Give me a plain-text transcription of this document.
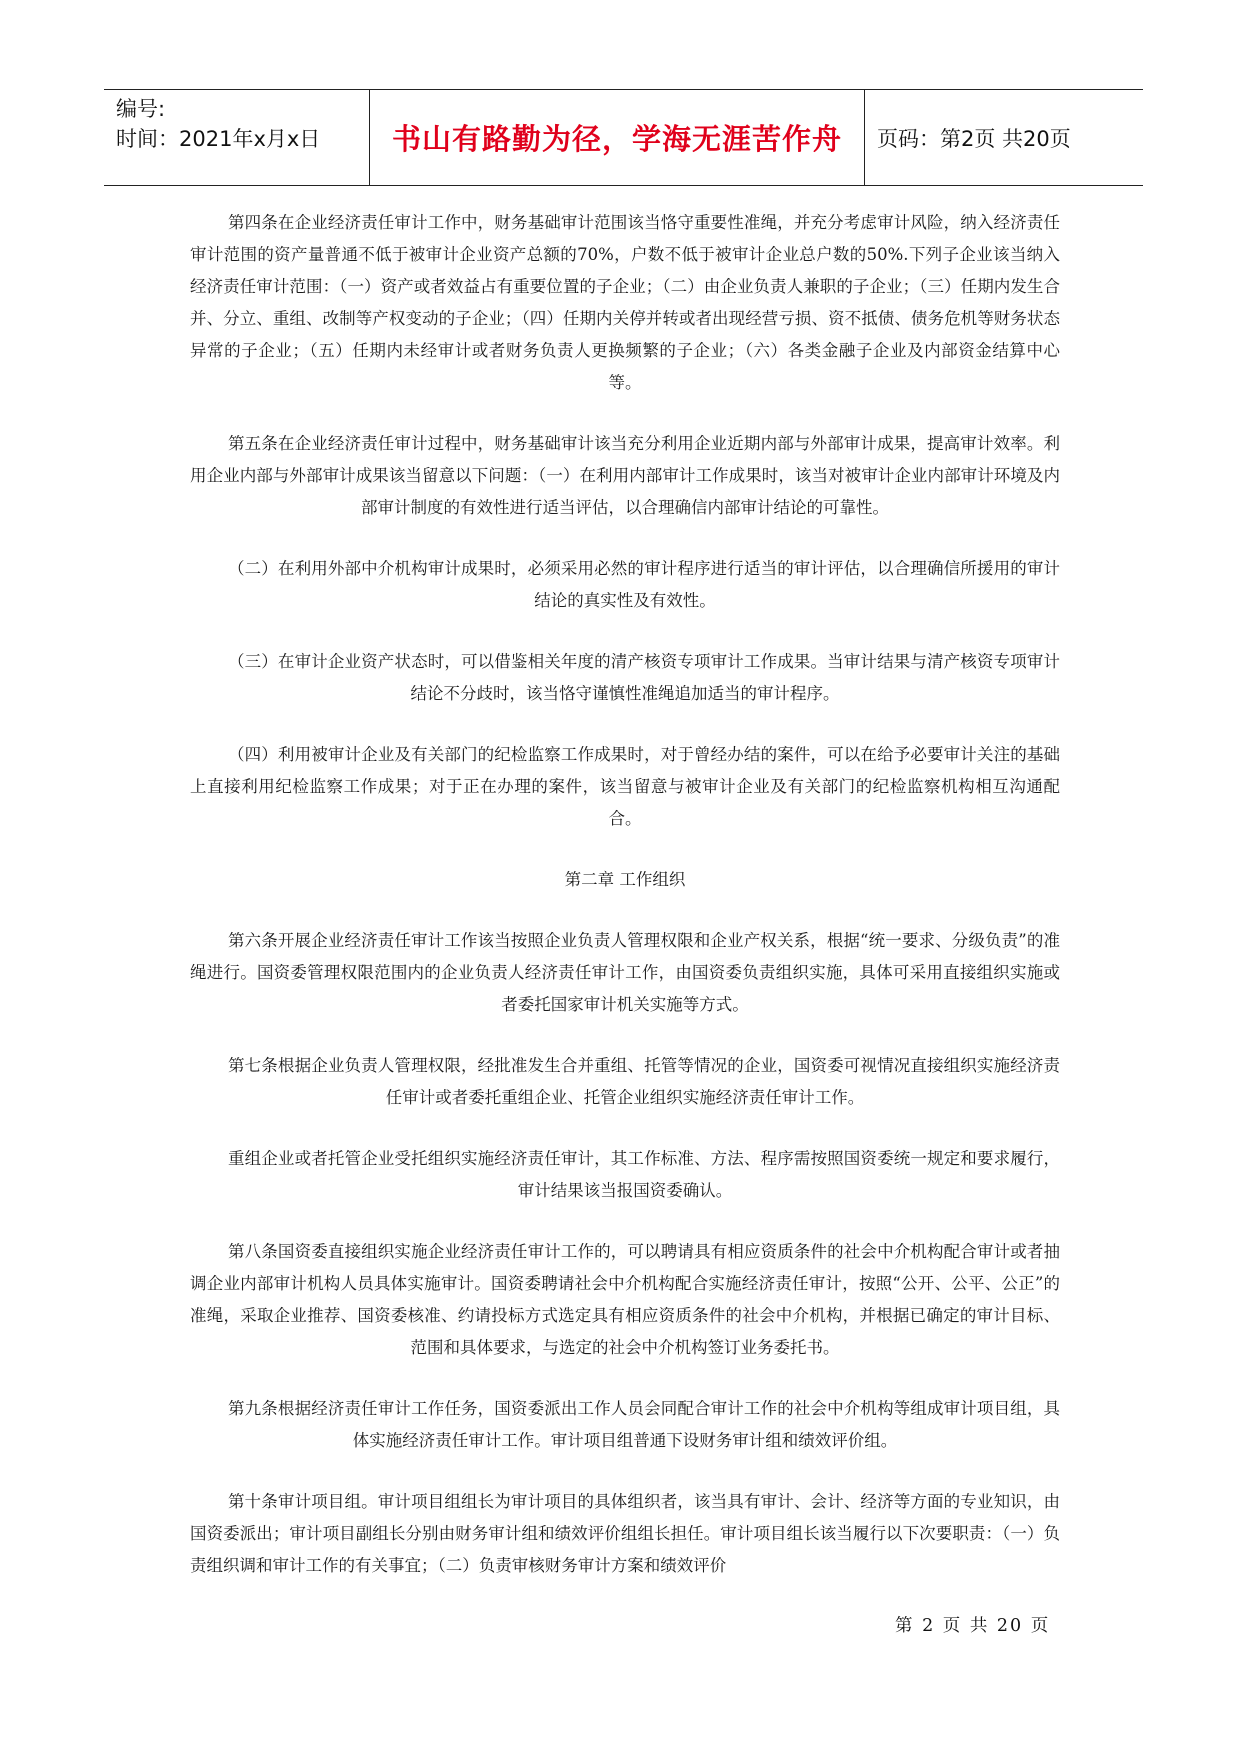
编号:
时间：2021年x月x日	书山有路勤为径，学海无涯苦作舟 页码：第2页 共20页

第四条在企业经济责任审计工作中，财务基础审计范围该当恪守重要性准绳，并充分考虑审计风险，纳入经济责任审计范围的资产量普通不低于被审计企业资产总额的70%，户数不低于被审计企业总户数的50%.下列子企业该当纳入经济责任审计范围：（一）资产或者效益占有重要位置的子企业；（二）由企业负责人兼职的子企业；（三）任期内发生合并、分立、重组、改制等产权变动的子企业；（四）任期内关停并转或者出现经营亏损、资不抵债、债务危机等财务状态异常的子企业；（五）任期内未经审计或者财务负责人更换频繁的子企业；（六）各类金融子企业及内部资金结算中心等。

第五条在企业经济责任审计过程中，财务基础审计该当充分利用企业近期内部与外部审计成果，提高审计效率。利用企业内部与外部审计成果该当留意以下问题：（一）在利用内部审计工作成果时，该当对被审计企业内部审计环境及内部审计制度的有效性进行适当评估，以合理确信内部审计结论的可靠性。

（二）在利用外部中介机构审计成果时，必须采用必然的审计程序进行适当的审计评估，以合理确信所援用的审计结论的真实性及有效性。

（三）在审计企业资产状态时，可以借鉴相关年度的清产核资专项审计工作成果。当审计结果与清产核资专项审计结论不分歧时，该当恪守谨慎性准绳追加适当的审计程序。

（四）利用被审计企业及有关部门的纪检监察工作成果时，对于曾经办结的案件，可以在给予必要审计关注的基础上直接利用纪检监察工作成果；对于正在办理的案件，该当留意与被审计企业及有关部门的纪检监察机构相互沟通配合。

第二章 工作组织

第六条开展企业经济责任审计工作该当按照企业负责人管理权限和企业产权关系，根据“统一要求、分级负责”的准绳进行。国资委管理权限范围内的企业负责人经济责任审计工作，由国资委负责组织实施，具体可采用直接组织实施或者委托国家审计机关实施等方式。

第七条根据企业负责人管理权限，经批准发生合并重组、托管等情况的企业，国资委可视情况直接组织实施经济责任审计或者委托重组企业、托管企业组织实施经济责任审计工作。

重组企业或者托管企业受托组织实施经济责任审计，其工作标准、方法、程序需按照国资委统一规定和要求履行，审计结果该当报国资委确认。

第八条国资委直接组织实施企业经济责任审计工作的，可以聘请具有相应资质条件的社会中介机构配合审计或者抽调企业内部审计机构人员具体实施审计。国资委聘请社会中介机构配合实施经济责任审计，按照“公开、公平、公正”的准绳，采取企业推荐、国资委核准、约请投标方式选定具有相应资质条件的社会中介机构，并根据已确定的审计目标、范围和具体要求，与选定的社会中介机构签订业务委托书。

第九条根据经济责任审计工作任务，国资委派出工作人员会同配合审计工作的社会中介机构等组成审计项目组，具体实施经济责任审计工作。审计项目组普通下设财务审计组和绩效评价组。

第十条审计项目组。审计项目组组长为审计项目的具体组织者，该当具有审计、会计、经济等方面的专业知识，由国资委派出；审计项目副组长分别由财务审计组和绩效评价组组长担任。审计项目组长该当履行以下次要职责：（一）负责组织调和审计工作的有关事宜；（二）负责审核财务审计方案和绩效评价

第 2 页 共 20 页
